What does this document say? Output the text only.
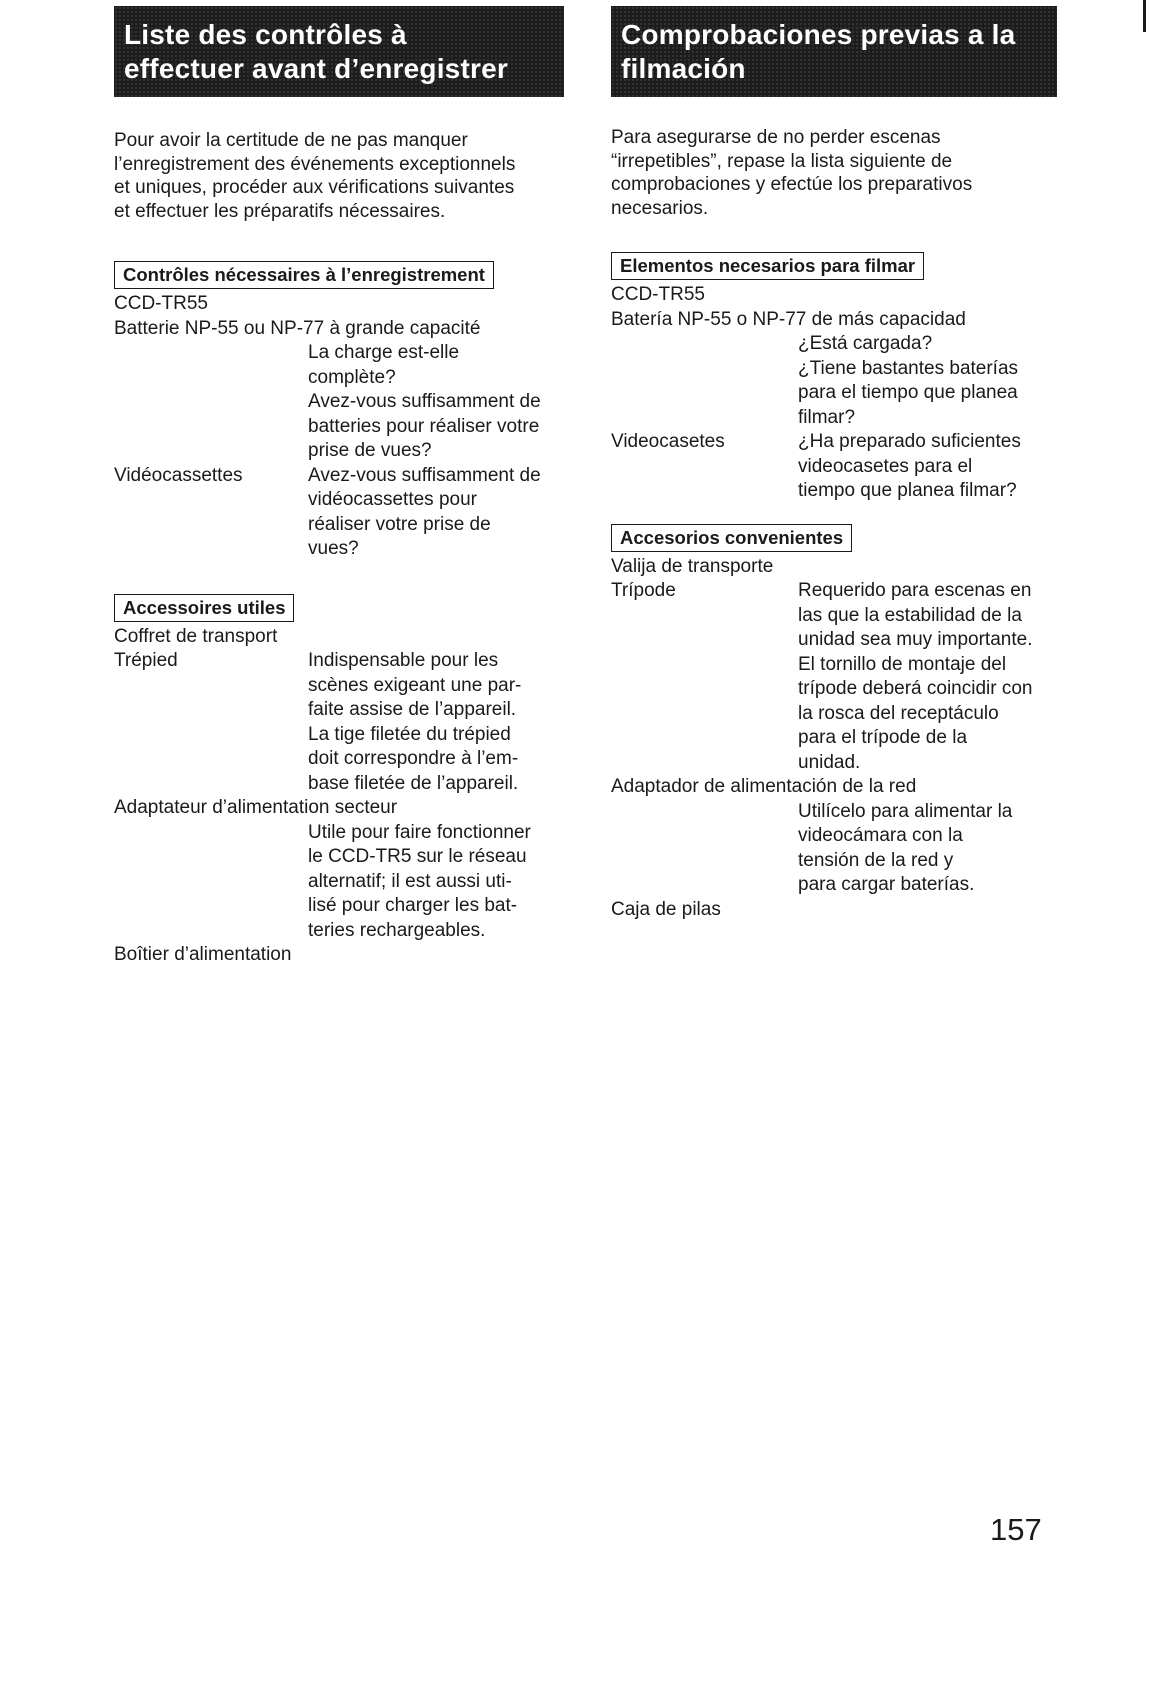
Liste des contrôles à
effectuer avant d’enregistrer
Pour avoir la certitude de ne pas manquer
l’enregistrement des événements exceptionnels
et uniques, procéder aux vérifications suivantes
et effectuer les préparatifs nécessaires.
Contrôles nécessaires à l’enregistrement
CCD-TR55
Batterie NP-55 ou NP-77 à grande capacité
La charge est-elle
complète?
Avez-vous suffisamment de
batteries pour réaliser votre
prise de vues?
Vidéocassettes	Avez-vous suffisamment de
vidéocassettes pour
réaliser votre prise de
vues?
Accessoires utiles
Coffret de transport
Trépied	Indispensable pour les
scènes exigeant une par-
faite assise de l’appareil.
La tige filetée du trépied
doit correspondre à l’em-
base filetée de l’appareil.
Adaptateur d’alimentation secteur
Utile pour faire fonctionner
le CCD-TR5 sur le réseau
alternatif; il est aussi uti-
lisé pour charger les bat-
teries rechargeables.
Boîtier d’alimentation
Comprobaciones previas a la
filmación
Para asegurarse de no perder escenas
“irrepetibles”, repase la lista siguiente de
comprobaciones y efectúe los preparativos
necesarios.
Elementos necesarios para filmar
CCD-TR55
Batería NP-55 o NP-77 de más capacidad
¿Está cargada?
¿Tiene bastantes baterías
para el tiempo que planea
filmar?
Videocasetes	¿Ha preparado suficientes
videocasetes para el
tiempo que planea filmar?
Accesorios convenientes
Valija de transporte
Trípode	Requerido para escenas en
las que la estabilidad de la
unidad sea muy importante.
El tornillo de montaje del
trípode deberá coincidir con
la rosca del receptáculo
para el trípode de la
unidad.
Adaptador de alimentación de la red
Utilícelo para alimentar la
videocámara con la
tensión de la red y
para cargar baterías.
Caja de pilas
157
